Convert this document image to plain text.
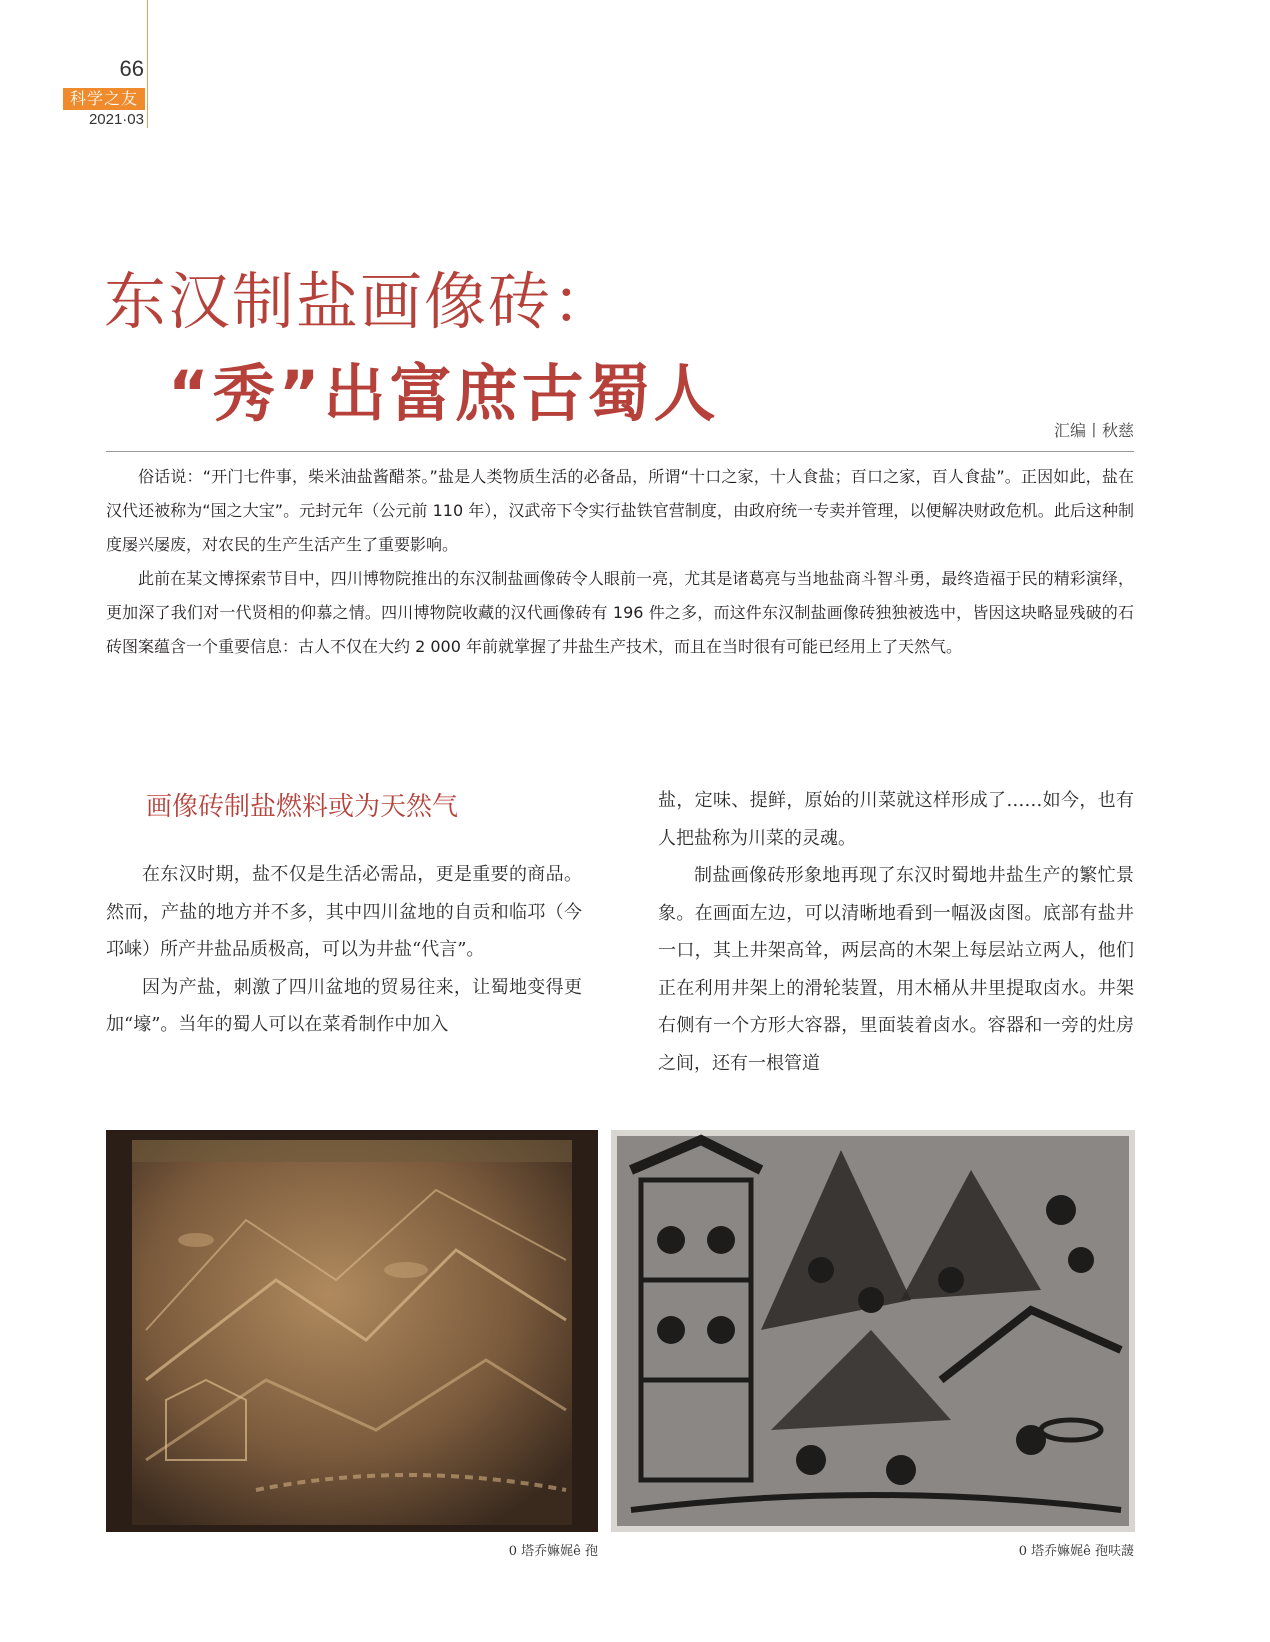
66
科学之友
2021·03
东汉制盐画像砖：
“秀”出富庶古蜀人
汇编丨秋慈

俗话说：“开门七件事，柴米油盐酱醋茶。”盐是人类物质生活的必备品，所谓“十口之家，十人食盐；百口之家，百人食盐”。正因如此，盐在汉代还被称为“国之大宝”。元封元年（公元前 110 年），汉武帝下令实行盐铁官营制度，由政府统一专卖并管理，以便解决财政危机。此后这种制度屡兴屡废，对农民的生产生活产生了重要影响。

此前在某文博探索节目中，四川博物院推出的东汉制盐画像砖令人眼前一亮，尤其是诸葛亮与当地盐商斗智斗勇，最终造福于民的精彩演绎，更加深了我们对一代贤相的仰慕之情。四川博物院收藏的汉代画像砖有 196 件之多，而这件东汉制盐画像砖独独被选中，皆因这块略显残破的石砖图案蕴含一个重要信息：古人不仅在大约 2 000 年前就掌握了井盐生产技术，而且在当时很有可能已经用上了天然气。

画像砖制盐燃料或为天然气

在东汉时期，盐不仅是生活必需品，更是重要的商品。然而，产盐的地方并不多，其中四川盆地的自贡和临邛（今邛崃）所产井盐品质极高，可以为井盐“代言”。

因为产盐，刺激了四川盆地的贸易往来，让蜀地变得更加“壕”。当年的蜀人可以在菜肴制作中加入

盐，定味、提鲜，原始的川菜就这样形成了……如今，也有人把盐称为川菜的灵魂。

制盐画像砖形象地再现了东汉时蜀地井盐生产的繁忙景象。在画面左边，可以清晰地看到一幅汲卤图。底部有盐井一口，其上井架高耸，两层高的木架上每层站立两人，他们正在利用井架上的滑轮装置，用木桶从井里提取卤水。井架右侧有一个方形大容器，里面装着卤水。容器和一旁的灶房之间，还有一根管道

0 塔乔嫲娓ê 孢	0 塔乔嫲娓ê 孢呋蘐
